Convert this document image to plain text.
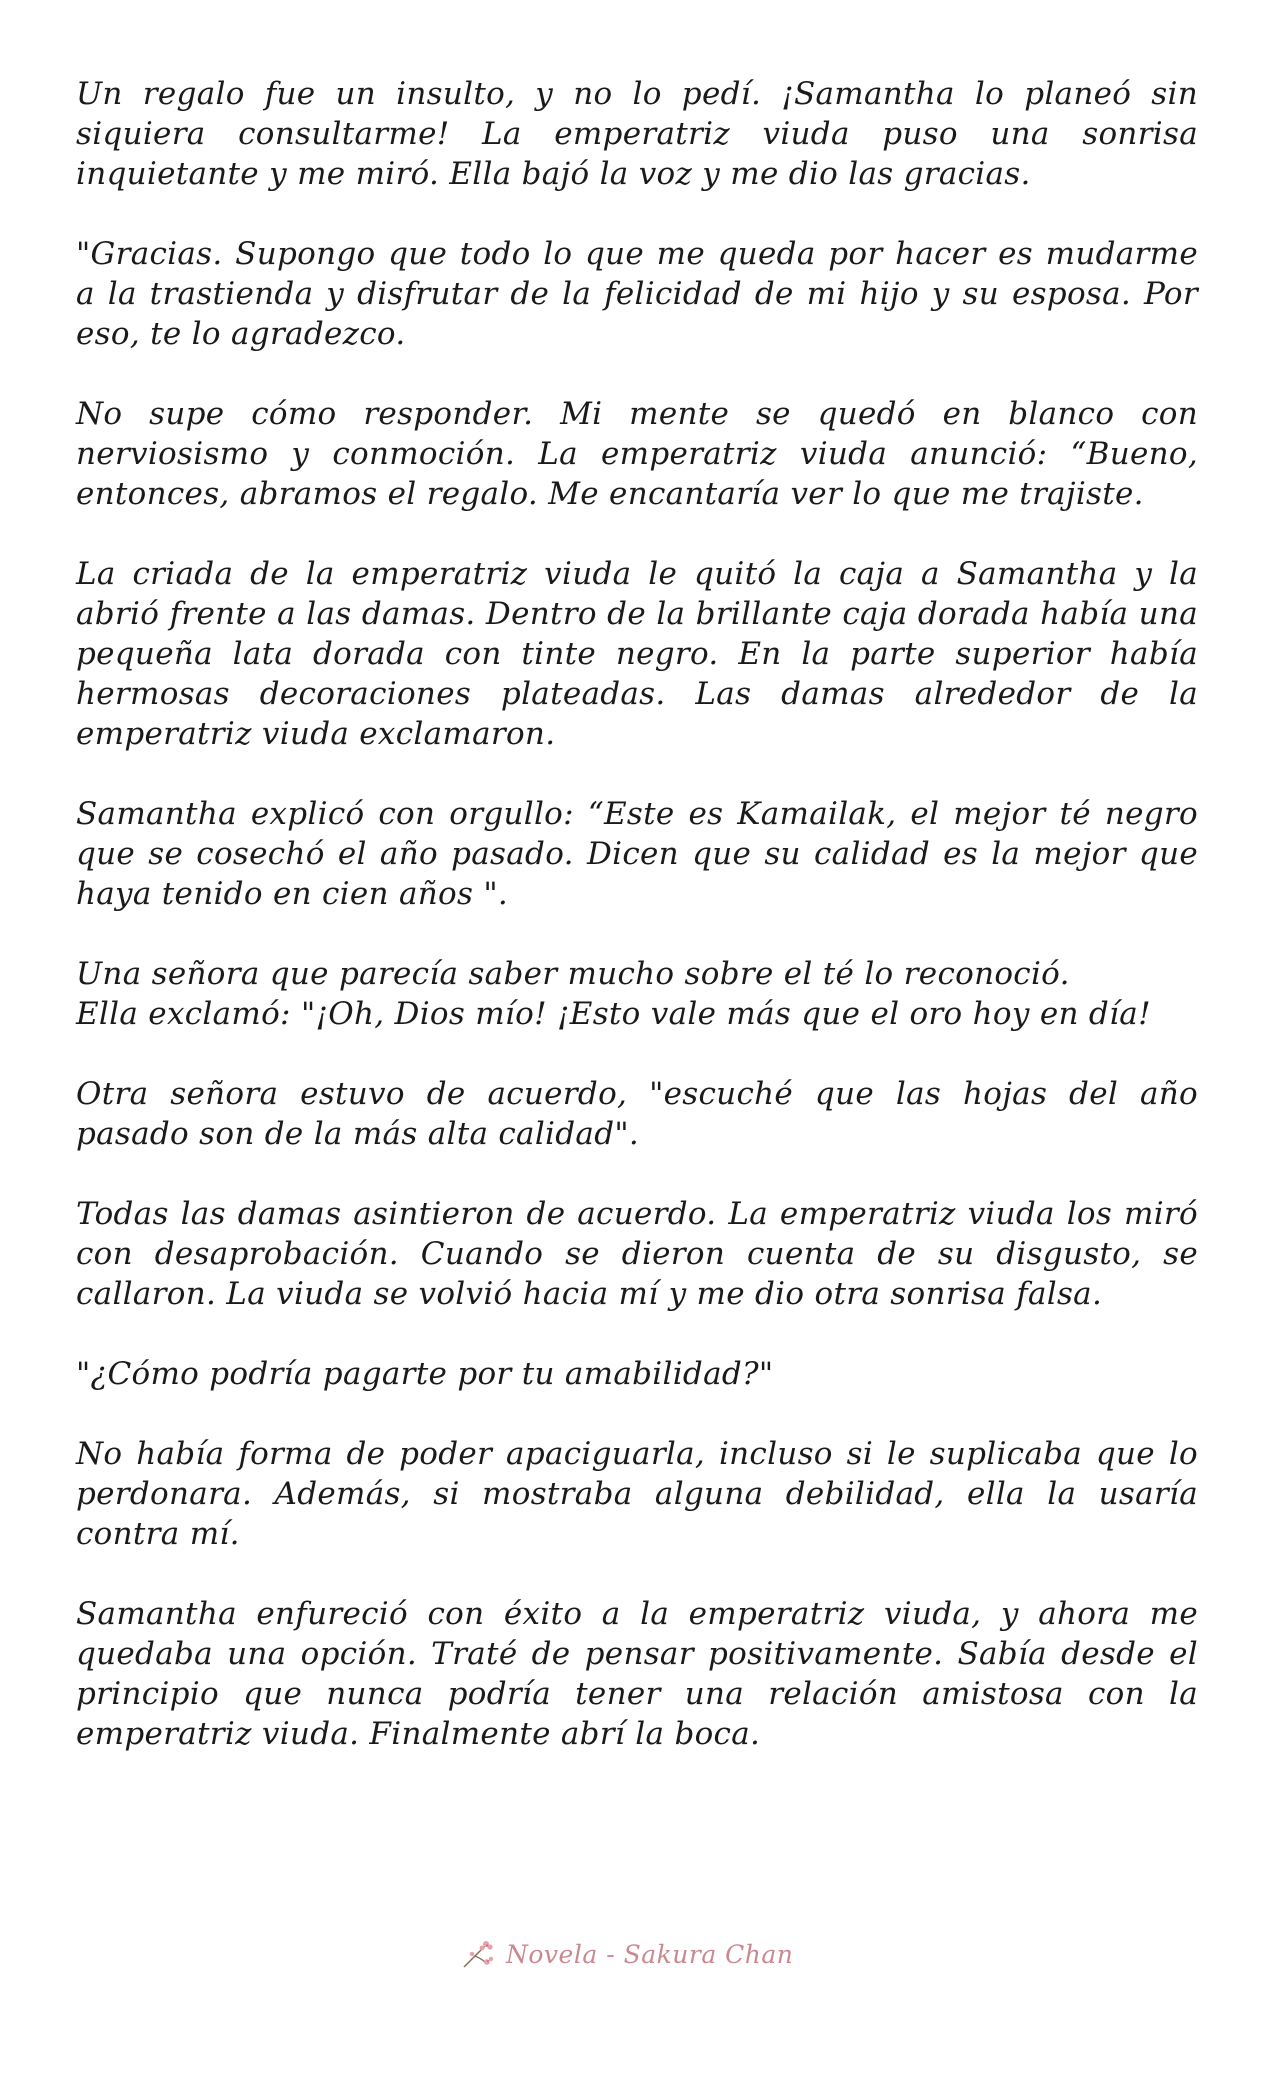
Un regalo fue un insulto, y no lo pedí. ¡Samantha lo planeó sin siquiera consultarme! La emperatriz viuda puso una sonrisa inquietante y me miró. Ella bajó la voz y me dio las gracias.

"Gracias. Supongo que todo lo que me queda por hacer es mudarme a la trastienda y disfrutar de la felicidad de mi hijo y su esposa. Por eso, te lo agradezco.

No supe cómo responder. Mi mente se quedó en blanco con nerviosismo y conmoción. La emperatriz viuda anunció: “Bueno, entonces, abramos el regalo. Me encantaría ver lo que me trajiste.

La criada de la emperatriz viuda le quitó la caja a Samantha y la abrió frente a las damas. Dentro de la brillante caja dorada había una pequeña lata dorada con tinte negro. En la parte superior había hermosas decoraciones plateadas. Las damas alrededor de la emperatriz viuda exclamaron.

Samantha explicó con orgullo: “Este es Kamailak, el mejor té negro que se cosechó el año pasado. Dicen que su calidad es la mejor que haya tenido en cien años ".

Una señora que parecía saber mucho sobre el té lo reconoció.

Ella exclamó: "¡Oh, Dios mío! ¡Esto vale más que el oro hoy en día!

Otra señora estuvo de acuerdo, "escuché que las hojas del año pasado son de la más alta calidad".

Todas las damas asintieron de acuerdo. La emperatriz viuda los miró con desaprobación. Cuando se dieron cuenta de su disgusto, se callaron. La viuda se volvió hacia mí y me dio otra sonrisa falsa.

"¿Cómo podría pagarte por tu amabilidad?"

No había forma de poder apaciguarla, incluso si le suplicaba que lo perdonara. Además, si mostraba alguna debilidad, ella la usaría contra mí.

Samantha enfureció con éxito a la emperatriz viuda, y ahora me quedaba una opción. Traté de pensar positivamente. Sabía desde el principio que nunca podría tener una relación amistosa con la emperatriz viuda. Finalmente abrí la boca.

Novela - Sakura Chan
